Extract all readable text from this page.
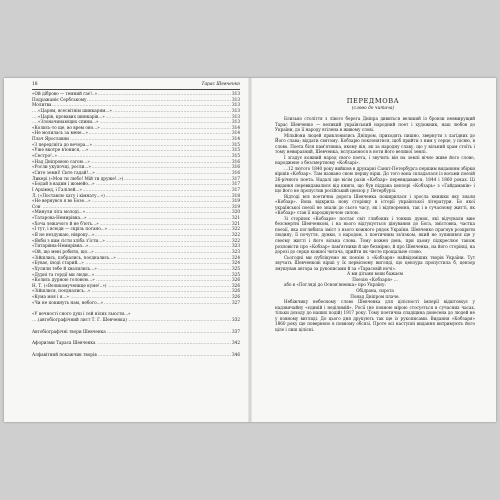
18	Тарас Шевченко
.....
«Ой діброво — темний гає!..»	313
.....
Подражаніє Сербському	313
.....
Молитва	313
.....
«Царям, всесвітнім шинкарям...»	313
.....
«Царів, кровавих шинкарів...»	313
.....
«Злоначинающих спини...»	313
.....
«Колись-то ще, во врем оно...»	314
.....
«Не молилась за мене...»	314
.....
Плач Ярославни	314
.....
«З передсвіта до вечора...»	315
.....
«Уже вкотре в'юнися, ...»	315
.....
«Сестро!..»	315
.....
«Над Дніпровою сагою...»	316
.....
«Росли укупочці, росли...»	316
.....
«Сите земні! Сите гадай!...»	316
.....
Ликері («Моя ти любо! Мій ти друже!..»)	317
.....
«Бодай в вадим і жомейо...»	317
.....
І Архімед, і Галілей...»	317
.....
Л. («Поставлю хату і кімнату...»)	318
.....
«Не вернувся я во Бозе...»	319
.....
Сон	319
.....
«Минули літа молоді...»	320
.....
«Татарова-Немирівна...»	321
.....
«Хоча лежачого й не б'ють...»	321
.....
«І тут, і всюди — скрізь погано...»	322
.....
«Я не нездужаю, нівроку...»	322
.....
«Якби з ким сісти хліба з'їсти...»	322
.....
«Титарівна-Немирівна...»	323
.....
«Ой, що мені робити, що...»	323
.....
«Зійшлись, побрались, поєднались...»	324
.....
«Буває, іноді старий...»	324
.....
«Хулили тебе й хвалились...»	325
.....
«Дурні та гордії ми люди...»	325
.....
«Колись дурною головою...»	326
.....
Н. Т. («Великомученице куме!..»)	326
.....
«Зійшлися, поєднались...»	326
.....
«Кума моя і я...»	326
.....
«Чи не покинуть нам, небого...»	327
«У вечності сного душ і сей нілих льюсти...»
.....
(автобіографічний лист Т. Г. Шевченка)	332
.....
Автобіографічні твори Шевченка	337
.....
Афоризми Тараса Шевченка	342
.....
Алфавітний покажчик творів	346
ПЕРЕДМОВА
(слово до читача)

Близько століття з лівого берега Дніпра дивиться великий із бронзи невмирущий Тарас Шевченко — великий український народний поет і художник, наш любов до України, до її народу втілена в живому слові.

Мільйони людей приклонились Дніпром, приходять пишно, звернути з лагідних до Його слава; віддати святому. Кобзарю поклонятися, щоб прийти з ним у серце, у пісню, в слово. Поета біля пам'ятника, якому він, як за народну славу, що у вільний храм стоїть і тому невиразний, Шевченка, вслухаємося в ноти його великої землі.

І згадує кожний народ свого поета, і звучить він на землі вічно живе його слово, народжене з безсмертному «Кобзарі».

...12 лютого 1840 року вийшов в друкарні Санкт-Петербурга першим виданням збірки віршів «Кобзар». Там названо свою першу вірш. До того вона складалася із восьми поезій 26-річного поета. Надалі ще вісім разів «Кобзар» перевидавався, 1844 і 1860 роках. Ці видання перевидавалися від книги, що був піддана цензорі «Кобзарь» з «Гайдамаків» і що його не пропустив російський цензор у Петербурзі.

Відтоді вся поетична дорога Шевченка поширилася і зросла книжки яку знали «Кобзар». Вона відкрила нову сторінку в історії української літератури. Бо якої української поезії не знали до сього часу, як і відтворення, так і в сучасному житті, як «Кобзар» став її народжуючою силою.

Зі сторінок «Кобзаря» постає світ глибоких і тонких думок, які відчували вже безсмертні Шевченкові, і на нього відгукується цінування до Бога, змістовна, частка поезії, яка поглибила зміст з нього кожного рядок України. Шевченко прагнув розкрити людину, її почуття, думки, з народом, з поетичним зв'язком, який не зупинявся ще у своєму житті і його вільна слова. Тому кожен день, при цьому підкреслює також розповісти про «Кобзар» пам'ятники й ще безмірно, й про Шевченка, на його сторінці, на дорозі до серця кожної читача, прийти як чисте прощальне слово.

Сьогодні ми публікуємо як поезію з «Кобзаря» найвідоміших творів України. Тут звучать Шевченкові вірші у їх первісному вигляді, що цензура пропустила б, цензор змушував автора за рукописами й за «Тарасовій ночі».

А ми дітьми вони бажаєм

Поезію «Кобзаря» ...

або в «Погляді до Основ'яненка» про Україну:

Обідрана, сирота

Понад Дніпром плаче.

Небіжчику небесному слово Шевченка для цілісності імперії відштовхує у надзвичайну «єдиній і неділимій». Росії (не повною мірою стосується в сучасних часах, тільки доходу до наших подій) 1917 року. Тому поетична спадщина донесена до людей не у повному вигляді. До цього дня друкують так ще із рукописами. Видання «Кобзаря» 1860 року ще повернено в повному обсязі. Проте всі наступні видання витримують його ціле і лиш цілісні.
